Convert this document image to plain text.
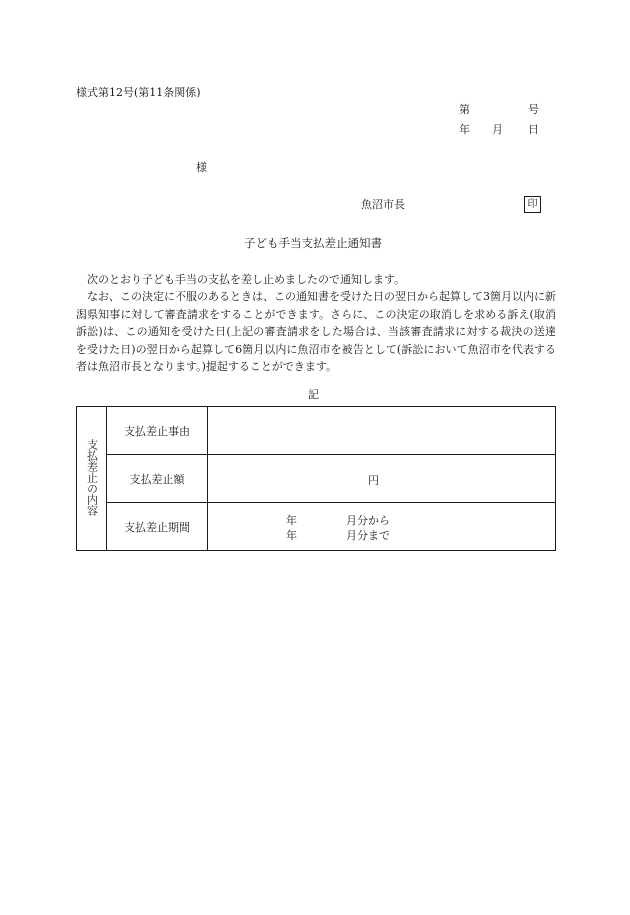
様式第12号(第11条関係)
第	号
年 月 日
様
魚沼市長	印
子ども手当支払差止通知書

次のとおり子ども手当の支払を差し止めましたので通知します。

なお、この決定に不服のあるときは、この通知書を受けた日の翌日から起算して3箇月以内に新潟県知事に対して審査請求をすることができます。さらに、この決定の取消しを求める訴え(取消訴訟)は、この通知を受けた日(上記の審査請求をした場合は、当該審査請求に対する裁決の送達を受けた日)の翌日から起算して6箇月以内に魚沼市を被告として(訴訟において魚沼市を代表する者は魚沼市長となります。)提起することができます。

記
支払差止の内容	支払差止事由	
	支払差止額	円

	支払差止期間	年 月分から
年 月分まで
